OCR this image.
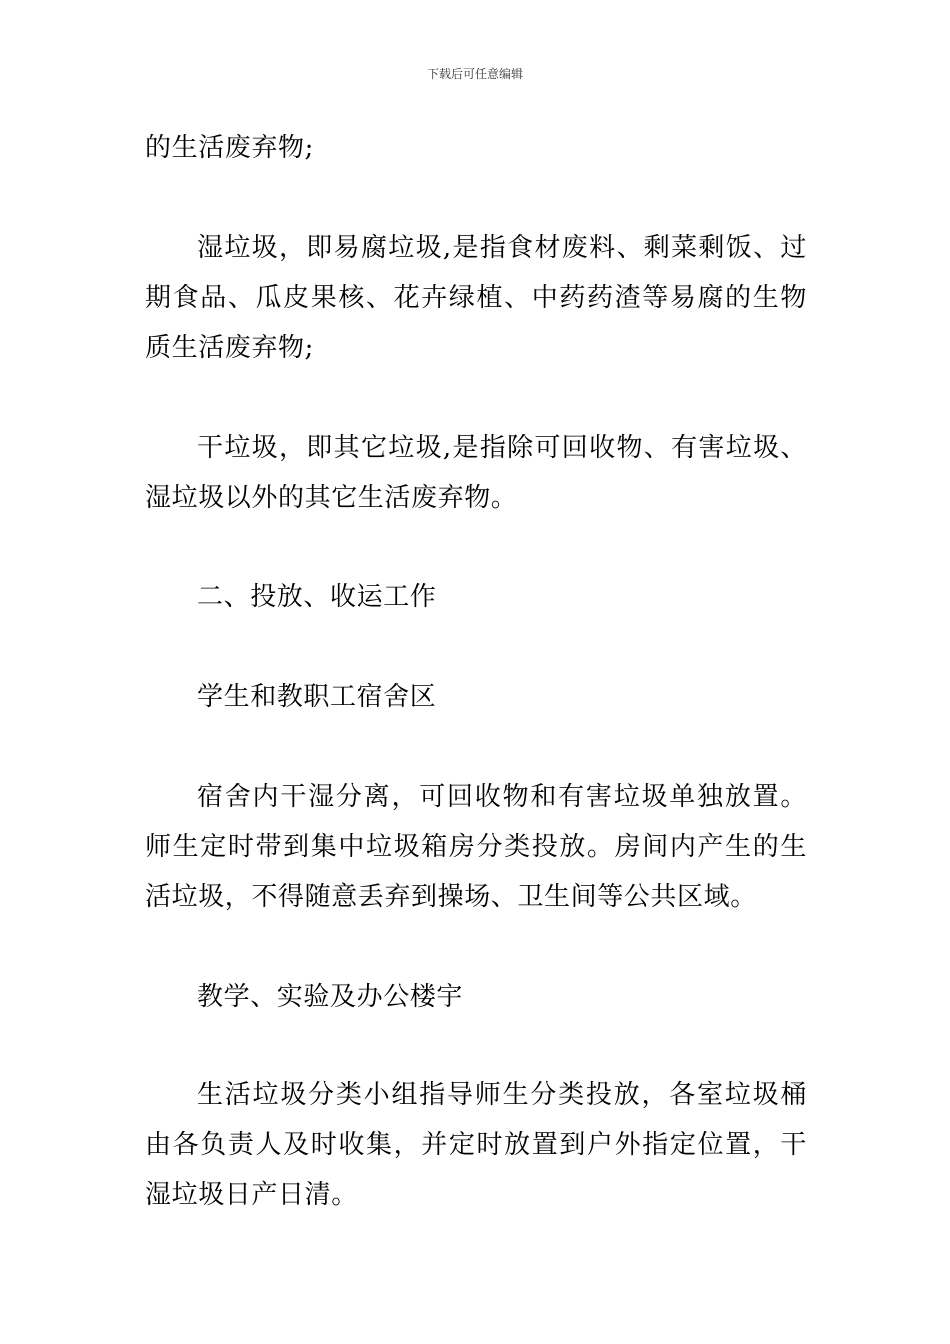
下载后可任意编辑

的生活废弃物;

湿垃圾，即易腐垃圾,是指食材废料、剩菜剩饭、过期食品、瓜皮果核、花卉绿植、中药药渣等易腐的生物质生活废弃物;

干垃圾，即其它垃圾,是指除可回收物、有害垃圾、湿垃圾以外的其它生活废弃物。

二、投放、收运工作

学生和教职工宿舍区

宿舍内干湿分离，可回收物和有害垃圾单独放置。师生定时带到集中垃圾箱房分类投放。房间内产生的生活垃圾，不得随意丢弃到操场、卫生间等公共区域。

教学、实验及办公楼宇

生活垃圾分类小组指导师生分类投放，各室垃圾桶由各负责人及时收集，并定时放置到户外指定位置，干湿垃圾日产日清。
